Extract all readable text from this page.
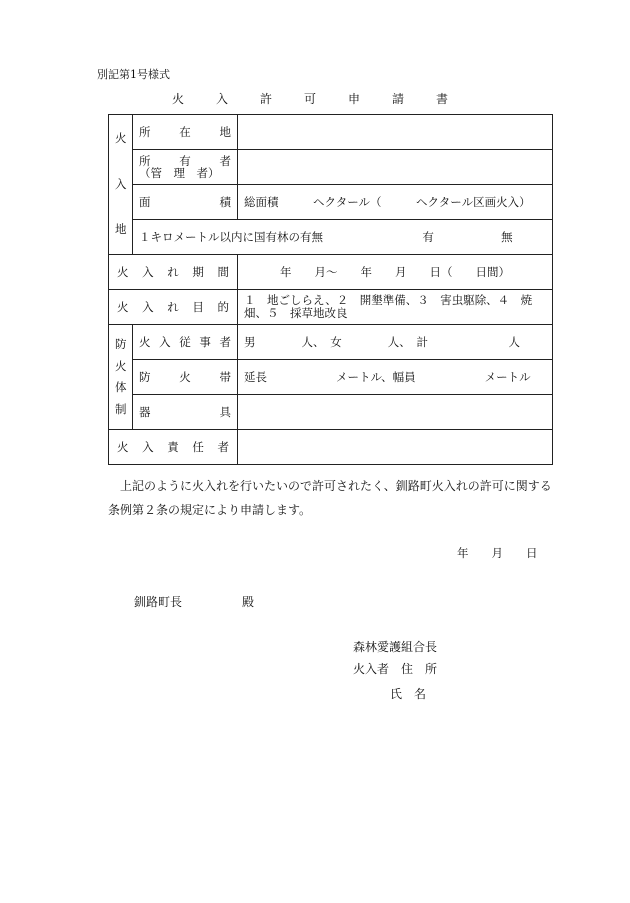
別記第1号様式
火　入　許　可　申　請　書
火
入
地	所 在 地	

	所 有 者
（管　理　者）	

	面 積	総面積　　　ヘクタール（　　　ヘクタール区画火入）
	１キロメートル以内に国有林の有無 有 無	

火 入 れ 期 間		年　　月～　　年　　月　　日（　　日間）

火 入 れ 目 的		１　地ごしらえ、２　開墾準備、３　害虫駆除、４　焼畑、５　採草地改良

防
火
体
制	火 入 従 事 者	男　　　　人、　女　　　　人、　計　　　　　　　人

	防 火 帯	延長　　　　　　メートル、幅員　　　　　　メートル

	器 具	

火 入 責 任 者		

　上記のように火入れを行いたいので許可されたく、釧路町火入れの許可に関する条例第２条の規定により申請します。
年　　月　　日
釧路町長　　　　　殿
森林愛護組合長
火入者　住　所
氏　名
